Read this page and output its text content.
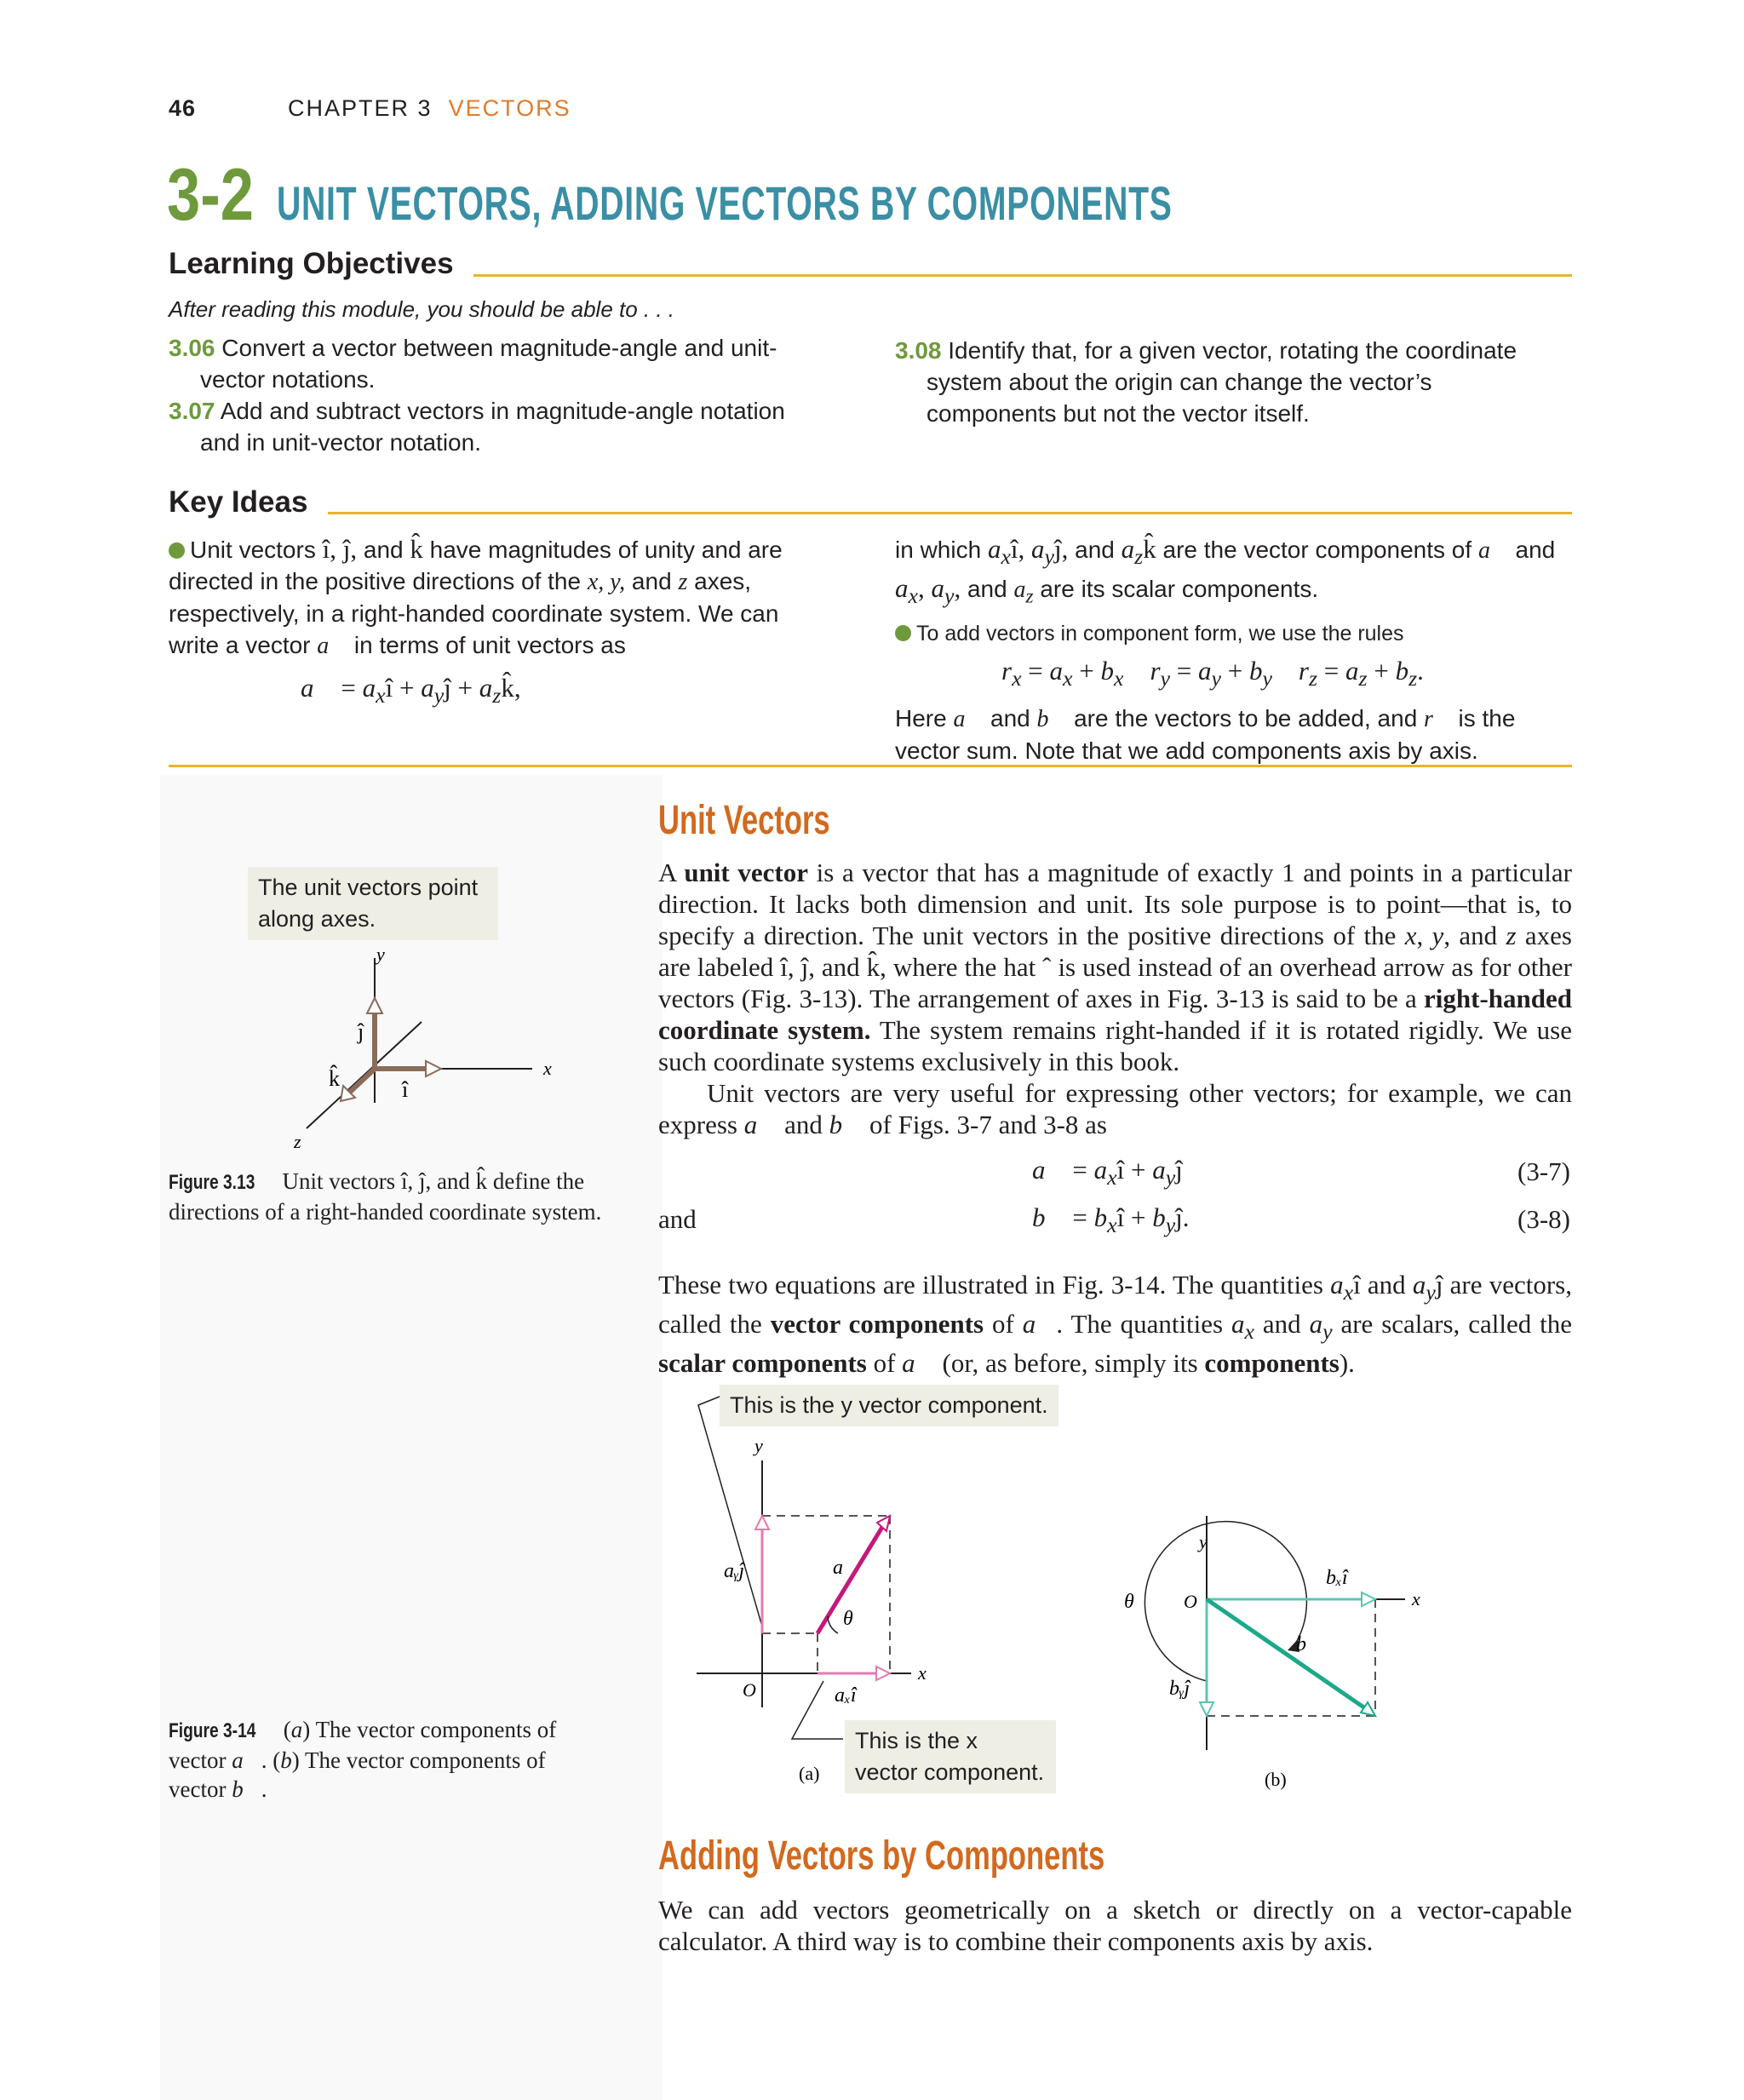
46	CHAPTER 3 VECTORS
3-2 UNIT VECTORS, ADDING VECTORS BY COMPONENTS
Learning Objectives
After reading this module, you should be able to . . .
3.06 Convert a vector between magnitude-angle and unit-vector notations.
3.07 Add and subtract vectors in magnitude-angle notation and in unit-vector notation.
3.08 Identify that, for a given vector, rotating the coordinate system about the origin can change the vector’s components but not the vector itself.
Key Ideas
Unit vectors î, ĵ, and k̂ have magnitudes of unity and are directed in the positive directions of the x, y, and z axes, respectively, in a right-handed coordinate system. We can write a vector a⃗ in terms of unit vectors as
a⃗ = $a_xî$ + $a_yĵ$ + $a_zk̂$,
in which $a_xî$, $a_yĵ$, and $a_zk̂$ are the vector components of a⃗ and $a_x$, $a_y$, and $a_z$ are its scalar components.
To add vectors in component form, we use the rules
$r_x = a_x + b_x$ $r_y = a_y + b_y$ $r_z = a_z + b_z$.
Here a⃗ and b⃗ are the vectors to be added, and r⃗ is the vector sum. Note that we add components axis by axis.
Unit Vectors
A unit vector is a vector that has a magnitude of exactly 1 and points in a particular direction. It lacks both dimension and unit. Its sole purpose is to point—that is, to specify a direction. The unit vectors in the positive directions of the x, y, and z axes are labeled î, ĵ, and k̂, where the hat ˆ is used instead of an overhead arrow as for other vectors (Fig. 3-13). The arrangement of axes in Fig. 3-13 is said to be a right-handed coordinate system. The system remains right-handed if it is rotated rigidly. We use such coordinate systems exclusively in this book.
Unit vectors are very useful for expressing other vectors; for example, we can express a⃗ and b⃗ of Figs. 3-7 and 3-8 as
a⃗ = $a_xî$ + $a_yĵ$	(3-7)
and	b⃗ = $b_xî$ + $b_yĵ$.	(3-8)
These two equations are illustrated in Fig. 3-14. The quantities $a_xî$ and $a_yĵ$ are vectors, called the vector components of a⃗. The quantities $a_x$ and $a_y$ are scalars, called the scalar components of a⃗ (or, as before, simply its components).
The unit vectors point along axes.
y
x
z
ĵ
î
k̂
Figure 3.13 Unit vectors î, ĵ, and k̂ define the directions of a right-handed coordinate system.
This is the y vector component.
This is the x vector component.
y
x
O
aᵧĵ
aₓî
a
θ
(a)
y
x
O
θ
bₓî
bᵧĵ
b
(b)
Figure 3-14 (a) The vector components of vector a⃗. (b) The vector components of vector b⃗.
Adding Vectors by Components
We can add vectors geometrically on a sketch or directly on a vector-capable calculator. A third way is to combine their components axis by axis.
